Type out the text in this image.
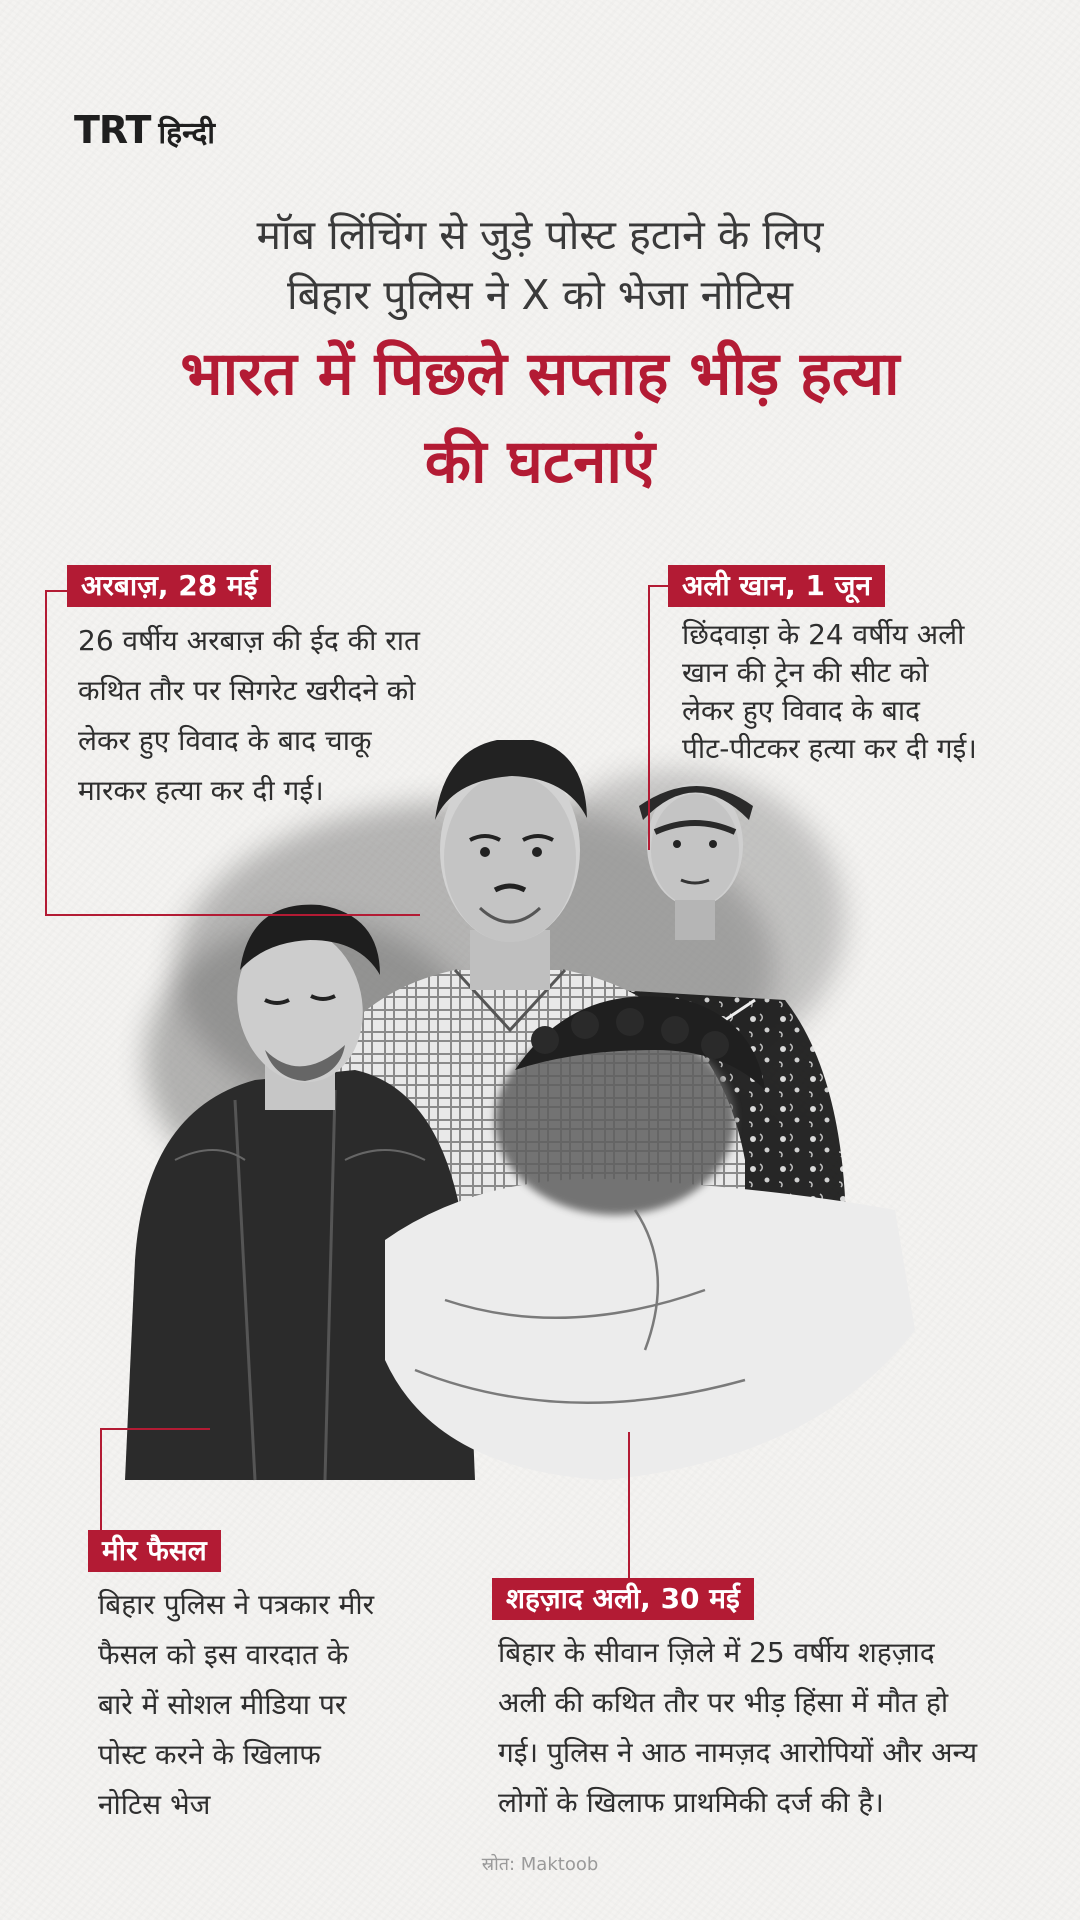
TRT हिन्दी
मॉब लिंचिंग से जुड़े पोस्ट हटाने के लिए
बिहार पुलिस ने X को भेजा नोटिस
भारत में पिछले सप्ताह भीड़ हत्या
की घटनाएं
अरबाज़, 28 मई
26 वर्षीय अरबाज़ की ईद की रात
कथित तौर पर सिगरेट खरीदने को
लेकर हुए विवाद के बाद चाकू
मारकर हत्या कर दी गई।
अली खान, 1 जून
छिंदवाड़ा के 24 वर्षीय अली
खान की ट्रेन की सीट को
लेकर हुए विवाद के बाद
पीट-पीटकर हत्या कर दी गई।
मीर फैसल
बिहार पुलिस ने पत्रकार मीर
फैसल को इस वारदात के
बारे में सोशल मीडिया पर
पोस्ट करने के खिलाफ
नोटिस भेज
शहज़ाद अली, 30 मई
बिहार के सीवान ज़िले में 25 वर्षीय शहज़ाद
अली की कथित तौर पर भीड़ हिंसा में मौत हो
गई। पुलिस ने आठ नामज़द आरोपियों और अन्य
लोगों के खिलाफ प्राथमिकी दर्ज की है।
स्रोत: Maktoob
